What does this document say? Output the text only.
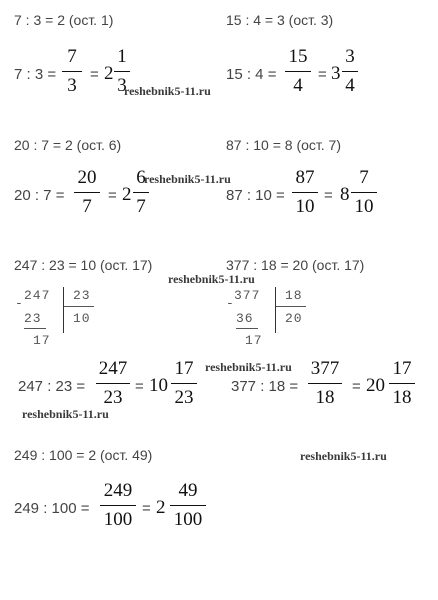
7 : 3 = 2 (ост. 1)
7 : 3 =
7
3
= 2
1
3
reshebnik5-11.ru
15 : 4 = 3 (ост. 3)
15 : 4 =
15
4
= 3
3
4
20 : 7 = 2 (ост. 6)
20 : 7 =
20
7
= 2
6
7
reshebnik5-11.ru
87 : 10 = 8 (ост. 7)
87 : 10 =
87
10
= 8
7
10
247 : 23 = 10 (ост. 17)
reshebnik5-11.ru
-
247 23
10
23
17
377 : 18 = 20 (ост. 17)
-
377 18
20
36
17
247 : 23 =
247
23
= 10
17
23
reshebnik5-11.ru
377 : 18 =
377
18
= 20
17
18
reshebnik5-11.ru
249 : 100 = 2 (ост. 49)	reshebnik5-11.ru
249 : 100 =
249
100
= 2
49
100
